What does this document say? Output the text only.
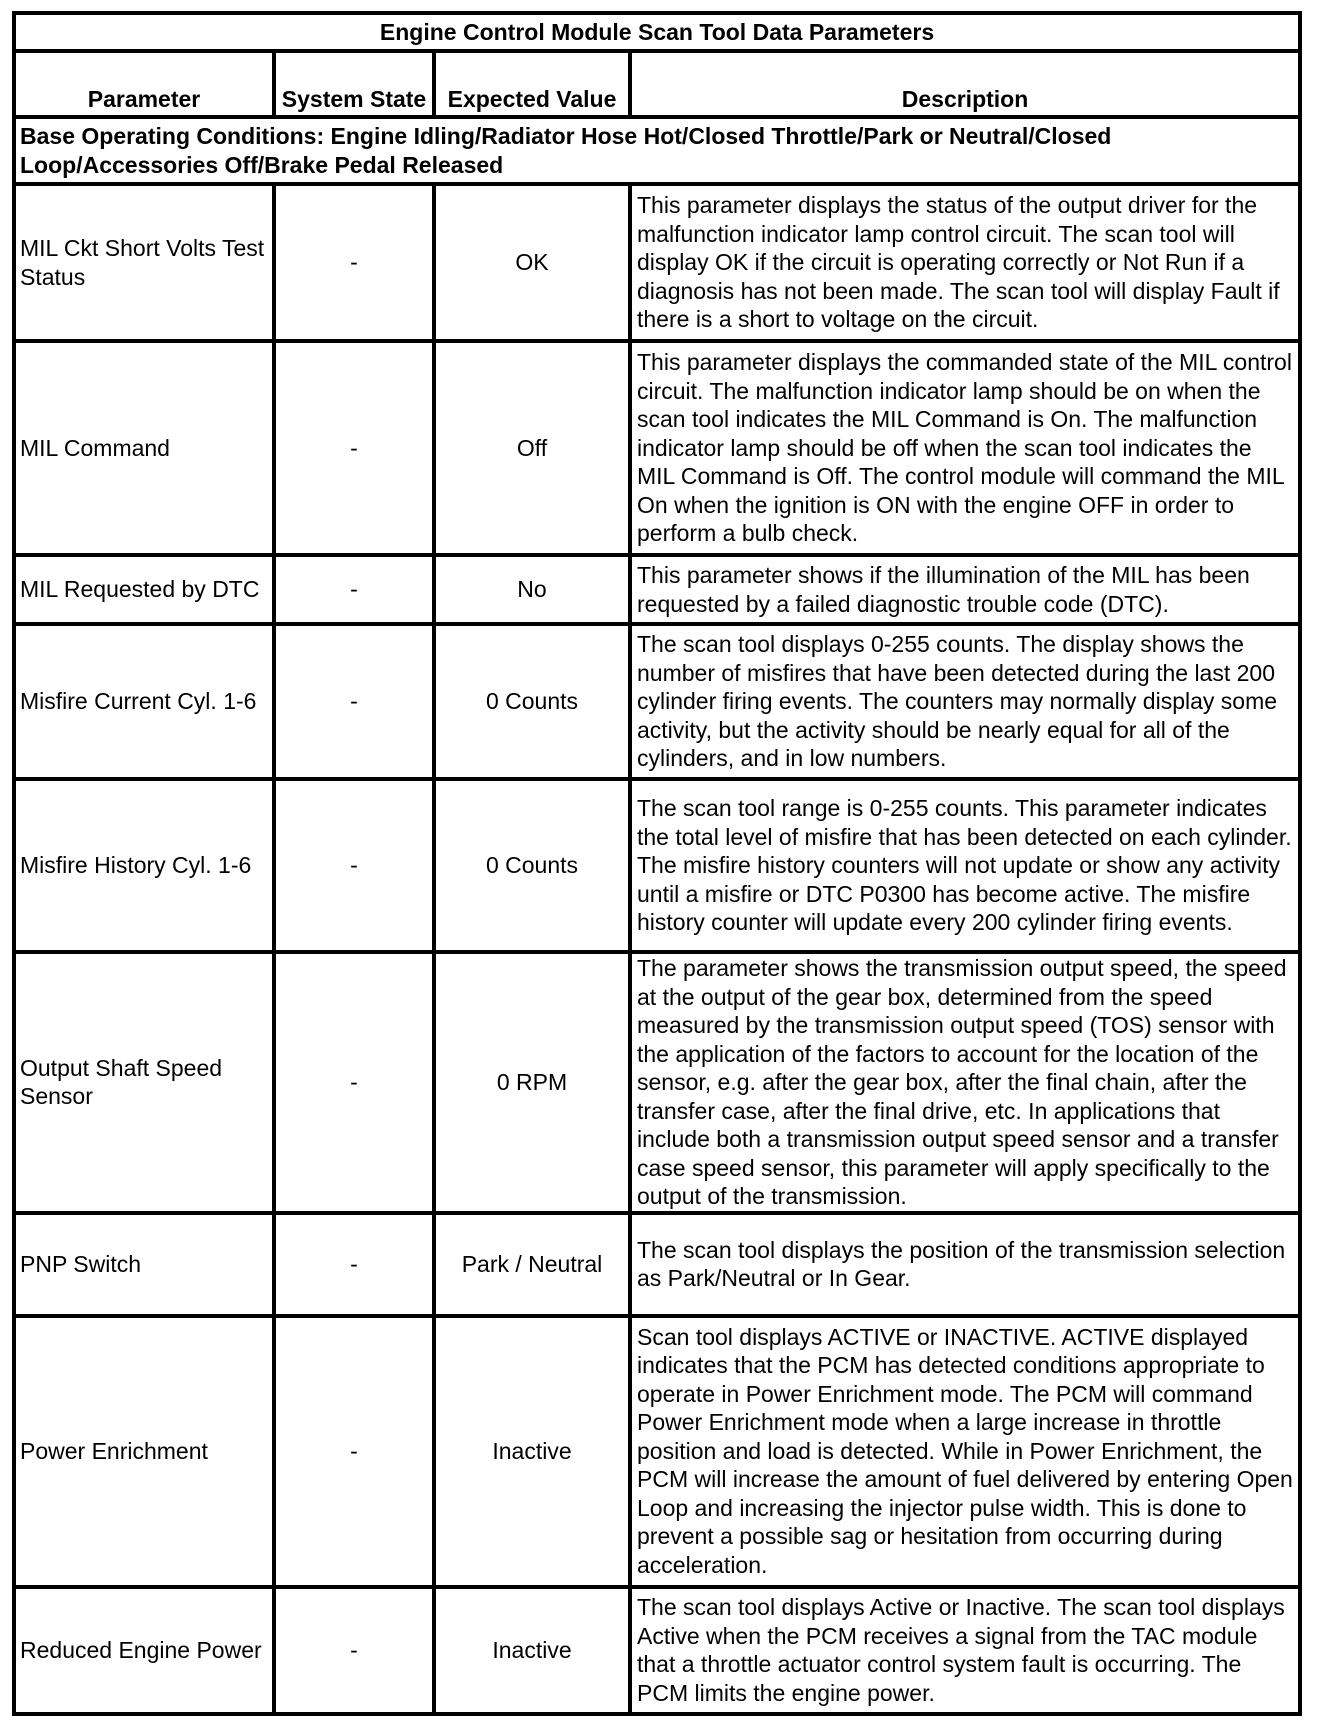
Engine Control Module Scan Tool Data Parameters			
Parameter	System State	Expected Value	Description
Base Operating Conditions: Engine Idling/Radiator Hose Hot/Closed Throttle/Park or Neutral/Closed Loop/Accessories Off/Brake Pedal Released			
MIL Ckt Short Volts Test Status	-	OK	This parameter displays the status of the output driver for the malfunction indicator lamp control circuit. The scan tool will display OK if the circuit is operating correctly or Not Run if a diagnosis has not been made. The scan tool will display Fault if there is a short to voltage on the circuit.
MIL Command	-	Off	This parameter displays the commanded state of the MIL control circuit. The malfunction indicator lamp should be on when the scan tool indicates the MIL Command is On. The malfunction indicator lamp should be off when the scan tool indicates the MIL Command is Off. The control module will command the MIL On when the ignition is ON with the engine OFF in order to perform a bulb check.
MIL Requested by DTC	-	No	This parameter shows if the illumination of the MIL has been requested by a failed diagnostic trouble code (DTC).
Misfire Current Cyl. 1-6	-	0 Counts	The scan tool displays 0-255 counts. The display shows the number of misfires that have been detected during the last 200 cylinder firing events. The counters may normally display some activity, but the activity should be nearly equal for all of the cylinders, and in low numbers.
Misfire History Cyl. 1-6	-	0 Counts	The scan tool range is 0-255 counts. This parameter indicates the total level of misfire that has been detected on each cylinder. The misfire history counters will not update or show any activity until a misfire or DTC P0300 has become active. The misfire history counter will update every 200 cylinder firing events.
Output Shaft Speed Sensor	-	0 RPM	The parameter shows the transmission output speed, the speed at the output of the gear box, determined from the speed measured by the transmission output speed (TOS) sensor with the application of the factors to account for the location of the sensor, e.g. after the gear box, after the final chain, after the transfer case, after the final drive, etc. In applications that include both a transmission output speed sensor and a transfer case speed sensor, this parameter will apply specifically to the output of the transmission.
PNP Switch	-	Park / Neutral	The scan tool displays the position of the transmission selection as Park/Neutral or In Gear.
Power Enrichment	-	Inactive	Scan tool displays ACTIVE or INACTIVE. ACTIVE displayed indicates that the PCM has detected conditions appropriate to operate in Power Enrichment mode. The PCM will command Power Enrichment mode when a large increase in throttle position and load is detected. While in Power Enrichment, the PCM will increase the amount of fuel delivered by entering Open Loop and increasing the injector pulse width. This is done to prevent a possible sag or hesitation from occurring during acceleration.
Reduced Engine Power	-	Inactive	The scan tool displays Active or Inactive. The scan tool displays Active when the PCM receives a signal from the TAC module that a throttle actuator control system fault is occurring. The PCM limits the engine power.
